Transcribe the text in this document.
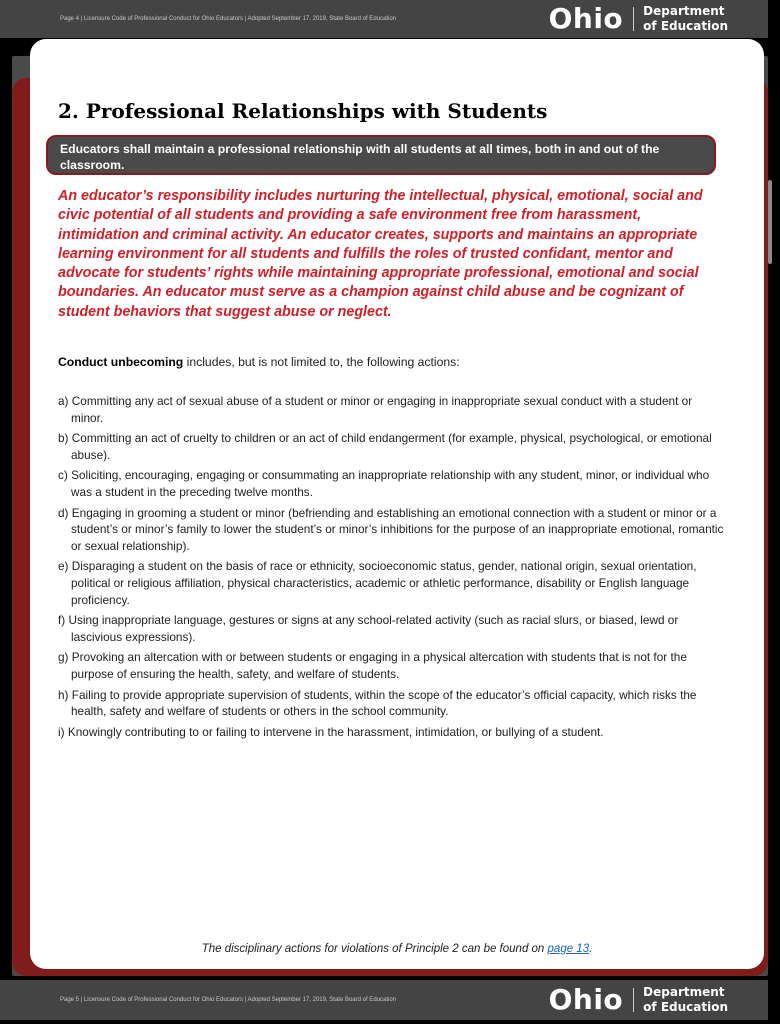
Page 4 | Licensure Code of Professional Conduct for Ohio Educators | Adopted September 17, 2019, State Board of Education	Ohio Department
of Education
2. Professional Relationships with Students
Educators shall maintain a professional relationship with all students at all times, both in and out of the classroom.

An educator’s responsibility includes nurturing the intellectual, physical, emotional, social and civic potential of all students and providing a safe environment free from harassment, intimidation and criminal activity. An educator creates, supports and maintains an appropriate learning environment for all students and fulfills the roles of trusted confidant, mentor and advocate for students’ rights while maintaining appropriate professional, emotional and social boundaries. An educator must serve as a champion against child abuse and be cognizant of student behaviors that suggest abuse or neglect.

Conduct unbecoming includes, but is not limited to, the following actions:

a) Committing any act of sexual abuse of a student or minor or engaging in inappropriate sexual conduct with a student or minor.
b) Committing an act of cruelty to children or an act of child endangerment (for example, physical, psychological, or emotional abuse).
c) Soliciting, encouraging, engaging or consummating an inappropriate relationship with any student, minor, or individual who was a student in the preceding twelve months.
d) Engaging in grooming a student or minor (befriending and establishing an emotional connection with a student or minor or a student’s or minor’s family to lower the student’s or minor’s inhibitions for the purpose of an inappropriate emotional, romantic or sexual relationship).
e) Disparaging a student on the basis of race or ethnicity, socioeconomic status, gender, national origin, sexual orientation, political or religious affiliation, physical characteristics, academic or athletic performance, disability or English language proficiency.
f) Using inappropriate language, gestures or signs at any school-related activity (such as racial slurs, or biased, lewd or lascivious expressions).
g) Provoking an altercation with or between students or engaging in a physical altercation with students that is not for the purpose of ensuring the health, safety, and welfare of students.
h) Failing to provide appropriate supervision of students, within the scope of the educator’s official capacity, which risks the health, safety and welfare of students or others in the school community.
i) Knowingly contributing to or failing to intervene in the harassment, intimidation, or bullying of a student.

The disciplinary actions for violations of Principle 2 can be found on page 13.

Page 5 | Licensure Code of Professional Conduct for Ohio Educators | Adopted September 17, 2019, State Board of Education	Ohio Department
of Education
